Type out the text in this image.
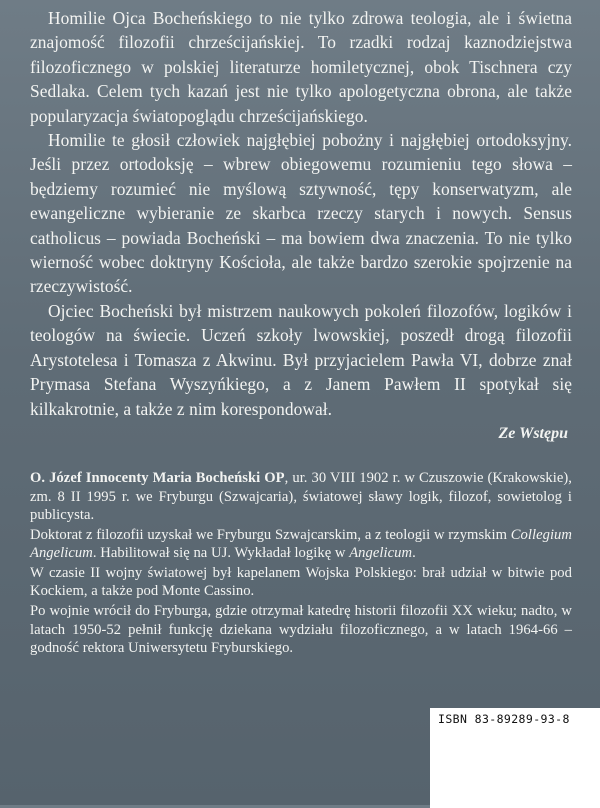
Homilie Ojca Bocheńskiego to nie tylko zdrowa teologia, ale i świetna znajomość filozofii chrześcijańskiej. To rzadki rodzaj kaznodziejstwa filozoficznego w polskiej literaturze homiletycznej, obok Tischnera czy Sedlaka. Celem tych kazań jest nie tylko apologetyczna obrona, ale także popularyzacja światopoglądu chrześcijańskiego.

Homilie te głosił człowiek najgłębiej pobożny i najgłębiej ortodoksyjny. Jeśli przez ortodoksję – wbrew obiegowemu rozumieniu tego słowa – będziemy rozumieć nie myślową sztywność, tępy konserwatyzm, ale ewangeliczne wybieranie ze skarbca rzeczy starych i nowych. Sensus catholicus – powiada Bocheński – ma bowiem dwa znaczenia. To nie tylko wierność wobec doktryny Kościoła, ale także bardzo szerokie spojrzenie na rzeczywistość.

Ojciec Bocheński był mistrzem naukowych pokoleń filozofów, logików i teologów na świecie. Uczeń szkoły lwowskiej, poszedł drogą filozofii Arystotelesa i Tomasza z Akwinu. Był przyjacielem Pawła VI, dobrze znał Prymasa Stefana Wyszyńkiego, a z Janem Pawłem II spotykał się kilkakrotnie, a także z nim korespondował.

Ze Wstępu

O. Józef Innocenty Maria Bocheński OP, ur. 30 VIII 1902 r. w Czuszowie (Krakowskie), zm. 8 II 1995 r. we Fryburgu (Szwajcaria), światowej sławy logik, filozof, sowietolog i publicysta.

Doktorat z filozofii uzyskał we Fryburgu Szwajcarskim, a z teologii w rzymskim Collegium Angelicum. Habilitował się na UJ. Wykładał logikę w Angelicum.

W czasie II wojny światowej był kapelanem Wojska Polskiego: brał udział w bitwie pod Kockiem, a także pod Monte Cassino.

Po wojnie wrócił do Fryburga, gdzie otrzymał katedrę historii filozofii XX wieku; nadto, w latach 1950-52 pełnił funkcję dziekana wydziału filozoficznego, a w latach 1964-66 – godność rektora Uniwersytetu Fryburskiego.

ISBN 83-89289-93-8
